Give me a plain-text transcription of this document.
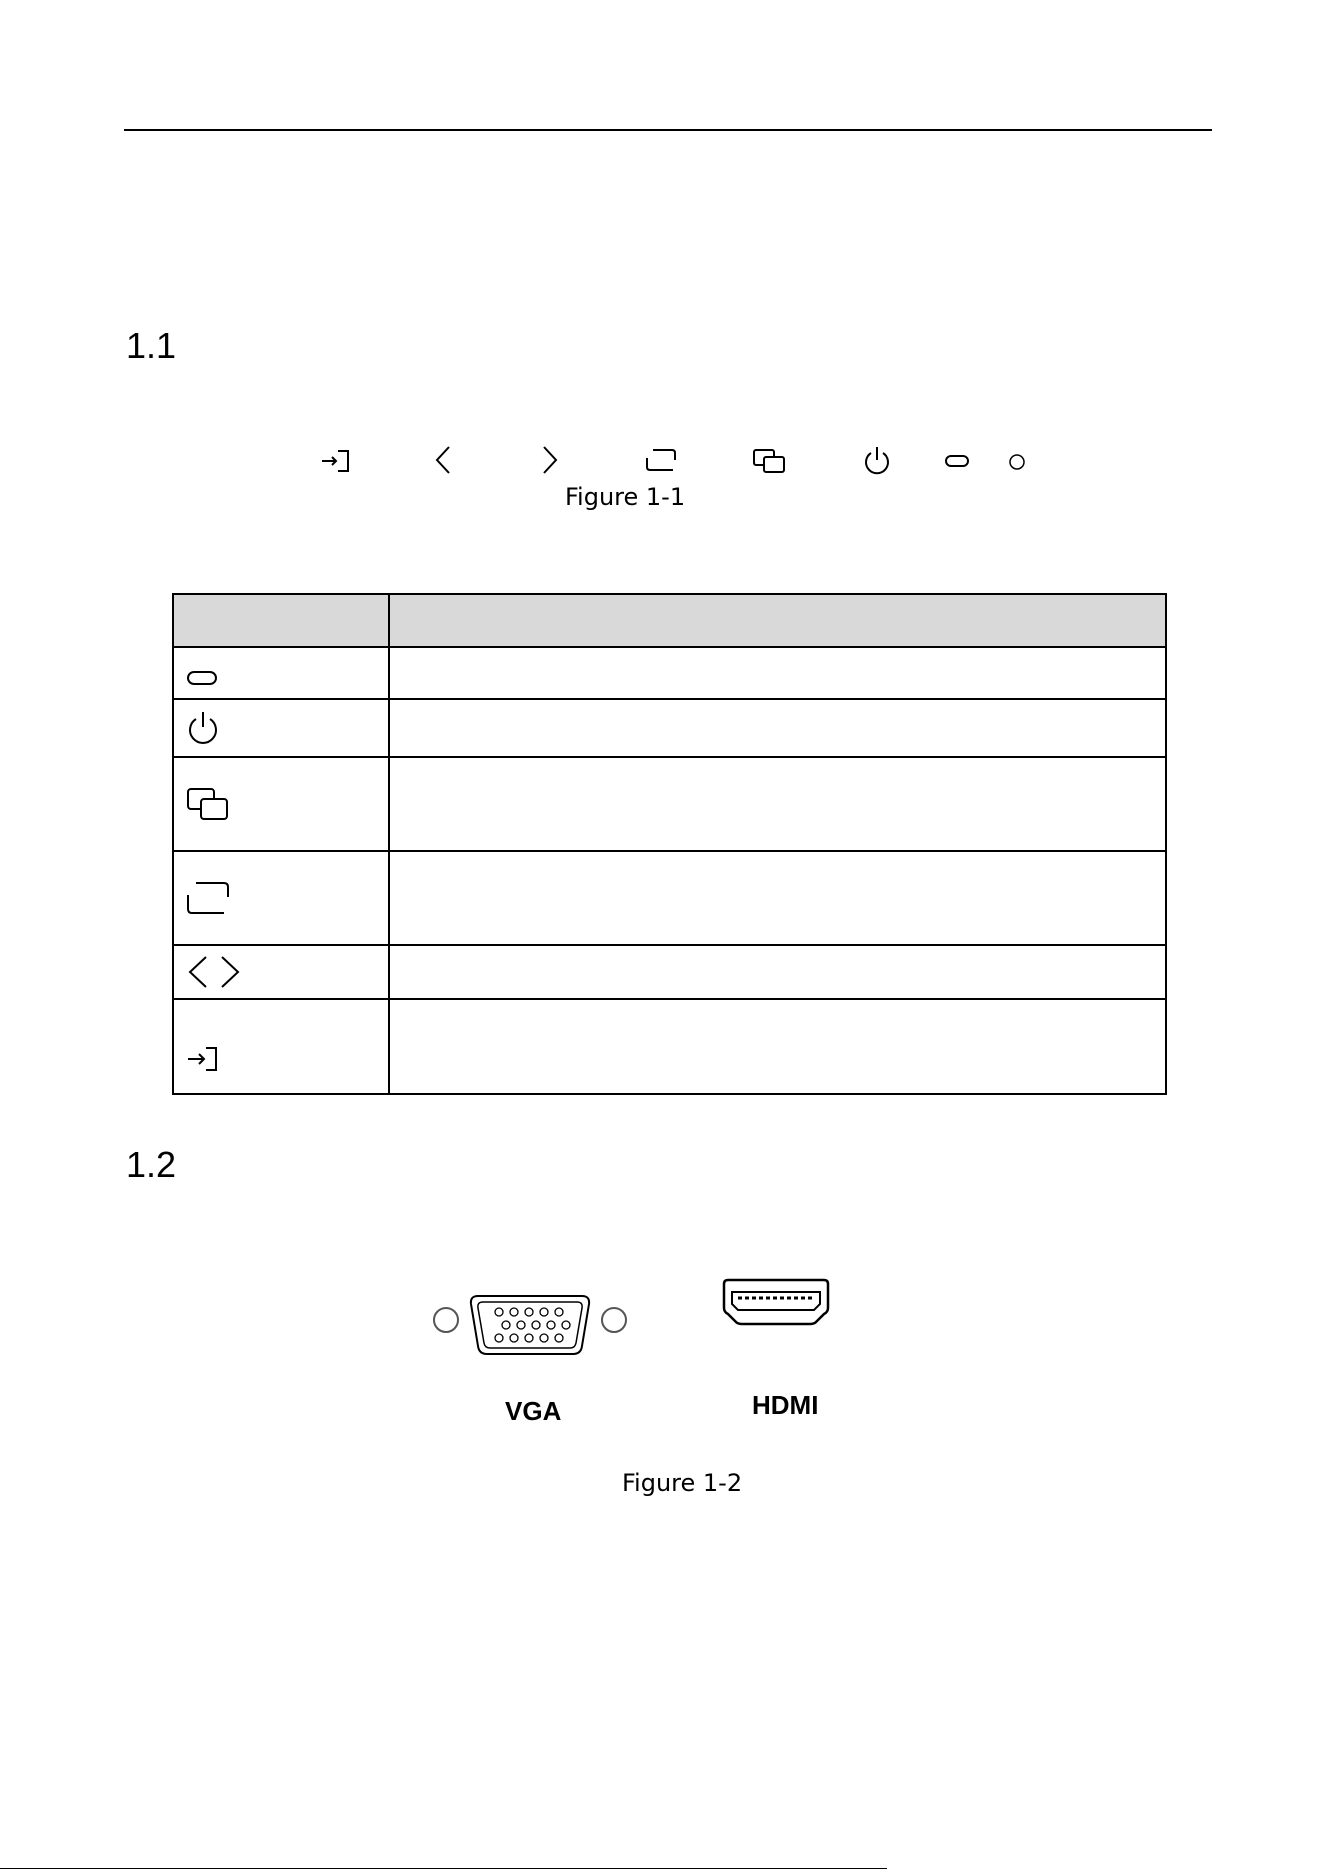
1.1
Figure 1-1

1.2
VGA	HDMI
Figure 1-2
